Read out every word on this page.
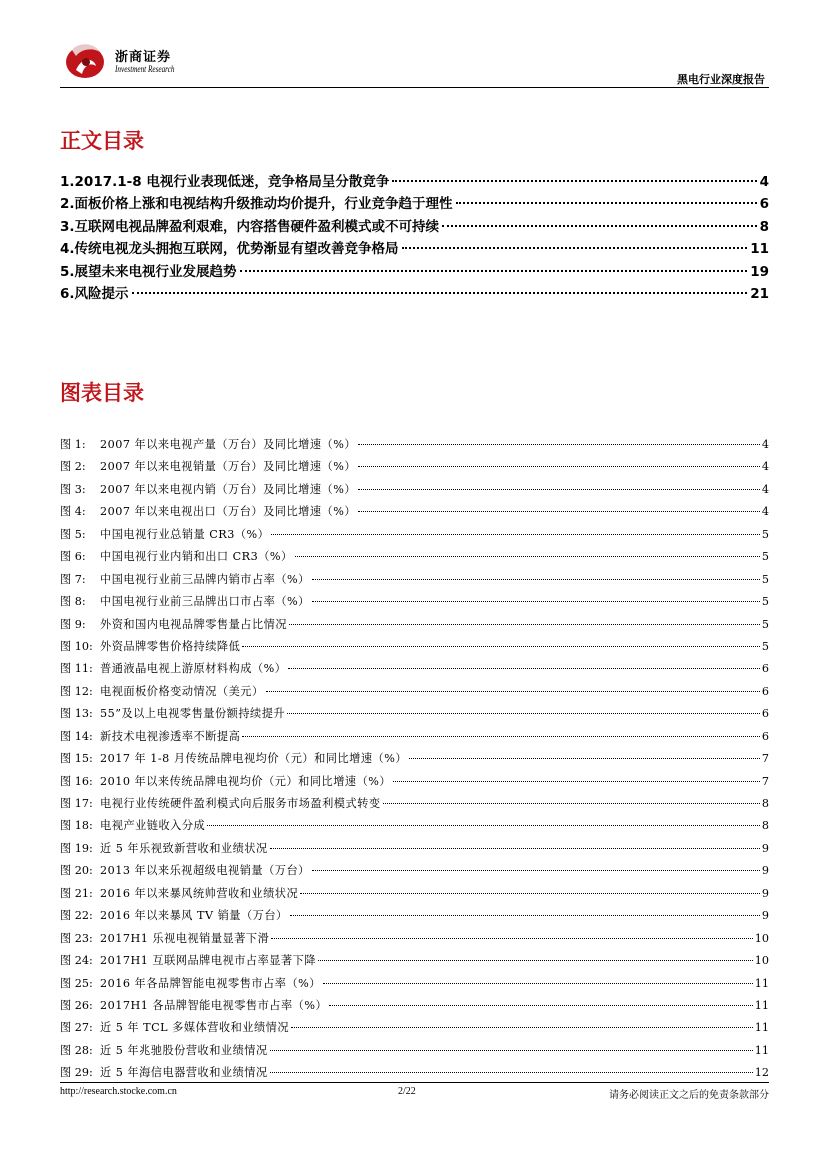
浙商证券
Investment Research
黑电行业深度报告
正文目录
1. 2017.1-8 电视行业表现低迷，竞争格局呈分散竞争	4
2. 面板价格上涨和电视结构升级推动均价提升，行业竞争趋于理性	6
3. 互联网电视品牌盈利艰难，内容搭售硬件盈利模式或不可持续	8
4. 传统电视龙头拥抱互联网，优势渐显有望改善竞争格局	11
5. 展望未来电视行业发展趋势	19
6. 风险提示	21
图表目录
图 1:	2007 年以来电视产量（万台）及同比增速（%）	4
图 2:	2007 年以来电视销量（万台）及同比增速（%）	4
图 3:	2007 年以来电视内销（万台）及同比增速（%）	4
图 4:	2007 年以来电视出口（万台）及同比增速（%）	4
图 5:	中国电视行业总销量 CR3（%）	5
图 6:	中国电视行业内销和出口 CR3（%）	5
图 7:	中国电视行业前三品牌内销市占率（%）	5
图 8:	中国电视行业前三品牌出口市占率（%）	5
图 9:	外资和国内电视品牌零售量占比情况	5
图 10: 外资品牌零售价格持续降低	5
图 11: 普通液晶电视上游原材料构成（%）	6
图 12: 电视面板价格变动情况（美元）	6
图 13: 55”及以上电视零售量份额持续提升	6
图 14: 新技术电视渗透率不断提高	6
图 15: 2017 年 1-8 月传统品牌电视均价（元）和同比增速（%）	7
图 16: 2010 年以来传统品牌电视均价（元）和同比增速（%）	7
图 17: 电视行业传统硬件盈利模式向后服务市场盈利模式转变	8
图 18: 电视产业链收入分成	8
图 19: 近 5 年乐视致新营收和业绩状况	9
图 20: 2013 年以来乐视超级电视销量（万台）	9
图 21: 2016 年以来暴风统帅营收和业绩状况	9
图 22: 2016 年以来暴风 TV 销量（万台）	9
图 23: 2017H1 乐视电视销量显著下滑	10
图 24: 2017H1 互联网品牌电视市占率显著下降	10
图 25: 2016 年各品牌智能电视零售市占率（%）	11
图 26: 2017H1 各品牌智能电视零售市占率（%）	11
图 27: 近 5 年 TCL 多媒体营收和业绩情况	11
图 28: 近 5 年兆驰股份营收和业绩情况	11
图 29: 近 5 年海信电器营收和业绩情况	12
http://research.stocke.com.cn	2/22	请务必阅读正文之后的免责条款部分
